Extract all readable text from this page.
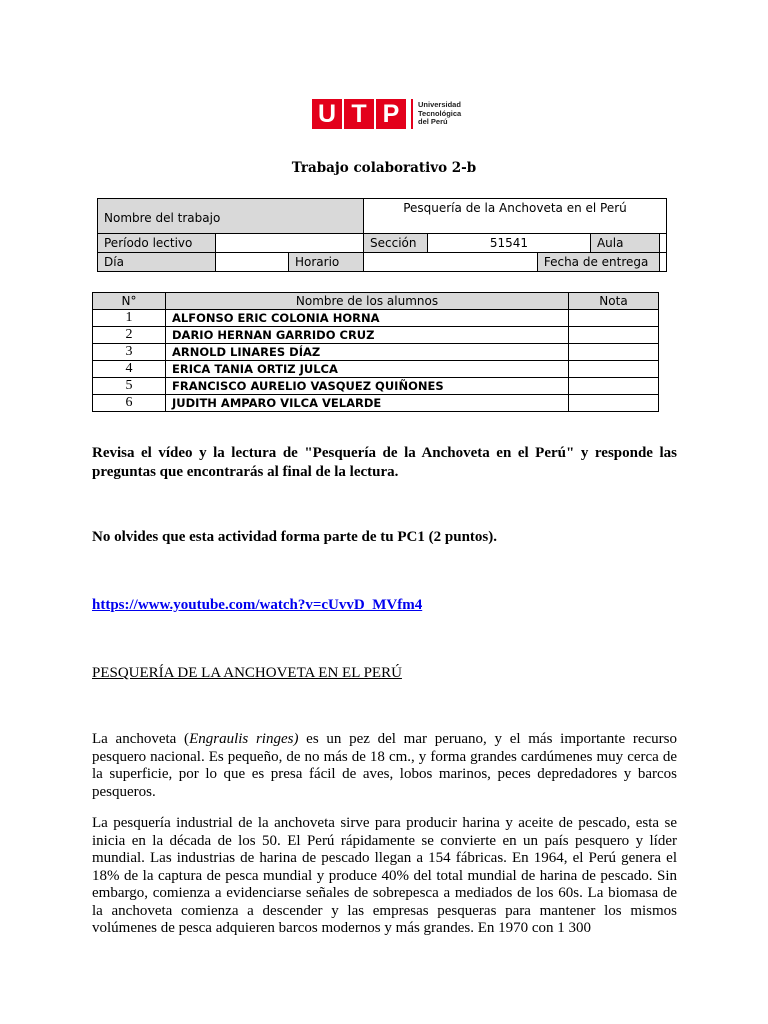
U T P	Universidad
Tecnológica
del Perú
Trabajo colaborativo 2-b
Nombre del trabajo			Pesquería de la Anchoveta en el Perú				
Período lectivo			Sección	51541		Aula	
Día		Horario			Fecha de entrega		
N°	Nombre de los alumnos	Nota
1	ALFONSO ERIC COLONIA HORNA	
2	DARIO HERNAN GARRIDO CRUZ	
3	ARNOLD LINARES DÍAZ	
4	ERICA TANIA ORTIZ JULCA	
5	FRANCISCO AURELIO VASQUEZ QUIÑONES	
6	JUDITH AMPARO VILCA VELARDE	
Revisa el vídeo y la lectura de "Pesquería de la Anchoveta en el Perú" y responde las preguntas que encontrarás al final de la lectura.
No olvides que esta actividad forma parte de tu PC1 (2 puntos).
https://www.youtube.com/watch?v=cUvvD_MVfm4
PESQUERÍA DE LA ANCHOVETA EN EL PERÚ
La anchoveta (Engraulis ringes) es un pez del mar peruano, y el más importante recurso pesquero nacional. Es pequeño, de no más de 18 cm., y forma grandes cardúmenes muy cerca de la superficie, por lo que es presa fácil de aves, lobos marinos, peces depredadores y barcos pesqueros.
La pesquería industrial de la anchoveta sirve para producir harina y aceite de pescado, esta se inicia en la década de los 50. El Perú rápidamente se convierte en un país pesquero y líder mundial. Las industrias de harina de pescado llegan a 154 fábricas. En 1964, el Perú genera el 18% de la captura de pesca mundial y produce 40% del total mundial de harina de pescado. Sin embargo, comienza a evidenciarse señales de sobrepesca a mediados de los 60s. La biomasa de la anchoveta comienza a descender y las empresas pesqueras para mantener los mismos volúmenes de pesca adquieren barcos modernos y más grandes. En 1970 con 1 300
